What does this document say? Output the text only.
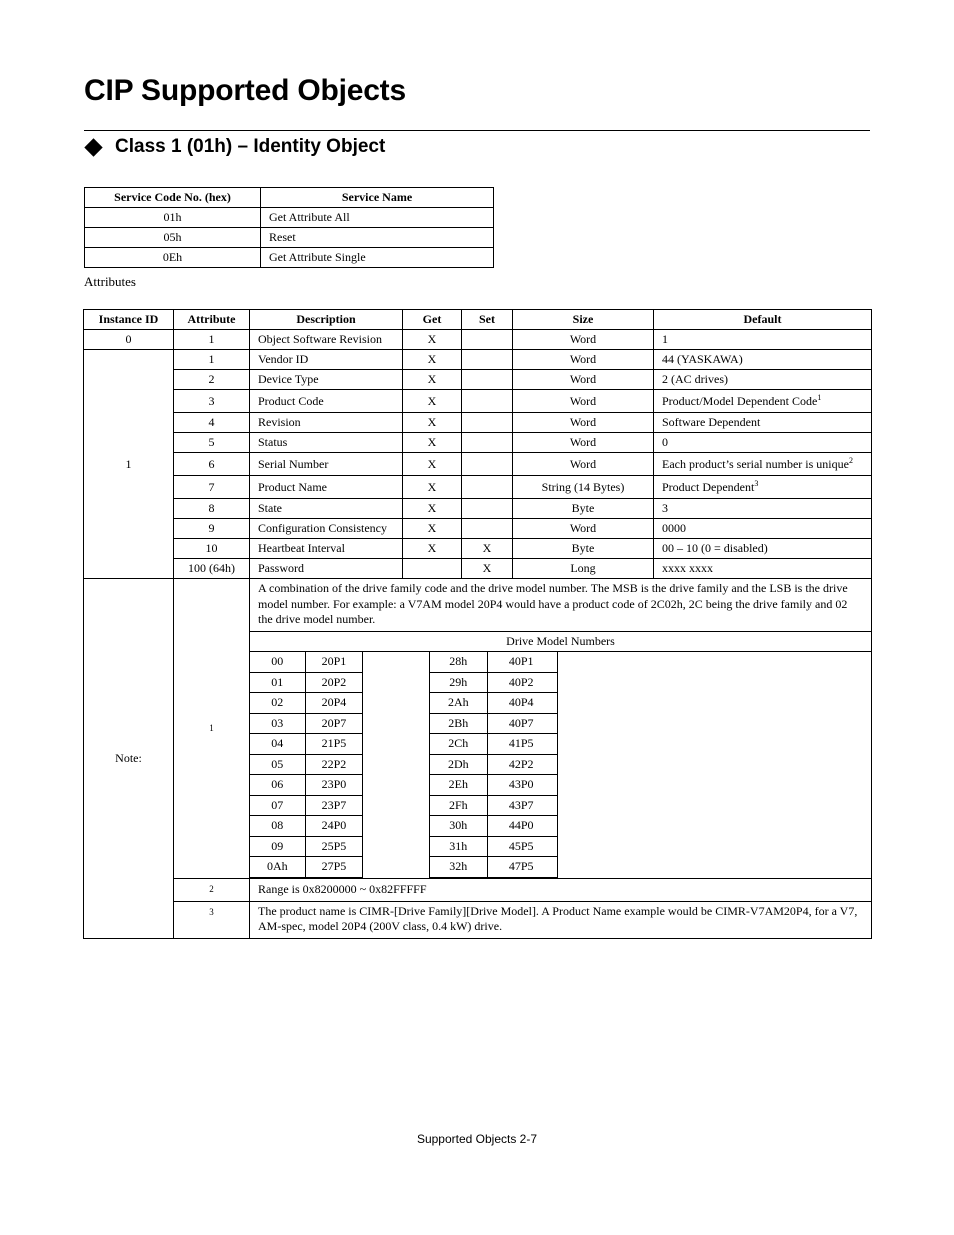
CIP Supported Objects
Class 1 (01h) – Identity Object
Service Code No. (hex)	Service Name
01h	Get Attribute All
05h	Reset
0Eh	Get Attribute Single
Attributes
Instance ID	Attribute	Description	Get	Set	Size	Default
0	1	Object Software Revision	X		Word	1
1	1	Vendor ID	X		Word	44 (YASKAWA)
2	Device Type	X		Word	2 (AC drives)
3	Product Code	X		Word	Product/Model Dependent Code$^1$
4	Revision	X		Word	Software Dependent
5	Status	X		Word	0
6	Serial Number	X		Word	Each product’s serial number is unique$^2$
7	Product Name	X		String (14 Bytes)	Product Dependent$^3$
8	State	X		Byte	3
9	Configuration Consistency	X		Word	0000
10	Heartbeat Interval	X	X	Byte	00 – 10 (0 = disabled)
100 (64h)	Password		X	Long	xxxx xxxx
Note:	1	
A combination of the drive family code and the drive model number. The MSB is the drive family and the LSB is the drive model number. For example: a V7AM model 20P4 would have a product code of 2C02h, 2C being the drive family and 02 the drive model number.
Drive Model Numbers
00	20P1		28h	40P1	
01	20P2		29h	40P2	
02	20P4		2Ah	40P4	
03	20P7		2Bh	40P7	
04	21P5		2Ch	41P5	
05	22P2		2Dh	42P2	
06	23P0		2Eh	43P0	
07	23P7		2Fh	43P7	
08	24P0		30h	44P0	
09	25P5		31h	45P5	
0Ah	27P5		32h	47P5	

2	Range is 0x8200000 ~ 0x82FFFFF
3	The product name is CIMR-[Drive Family][Drive Model]. A Product Name example would be CIMR-V7AM20P4, for a V7, AM-spec, model 20P4 (200V class, 0.4 kW) drive.
Supported Objects 2-7
